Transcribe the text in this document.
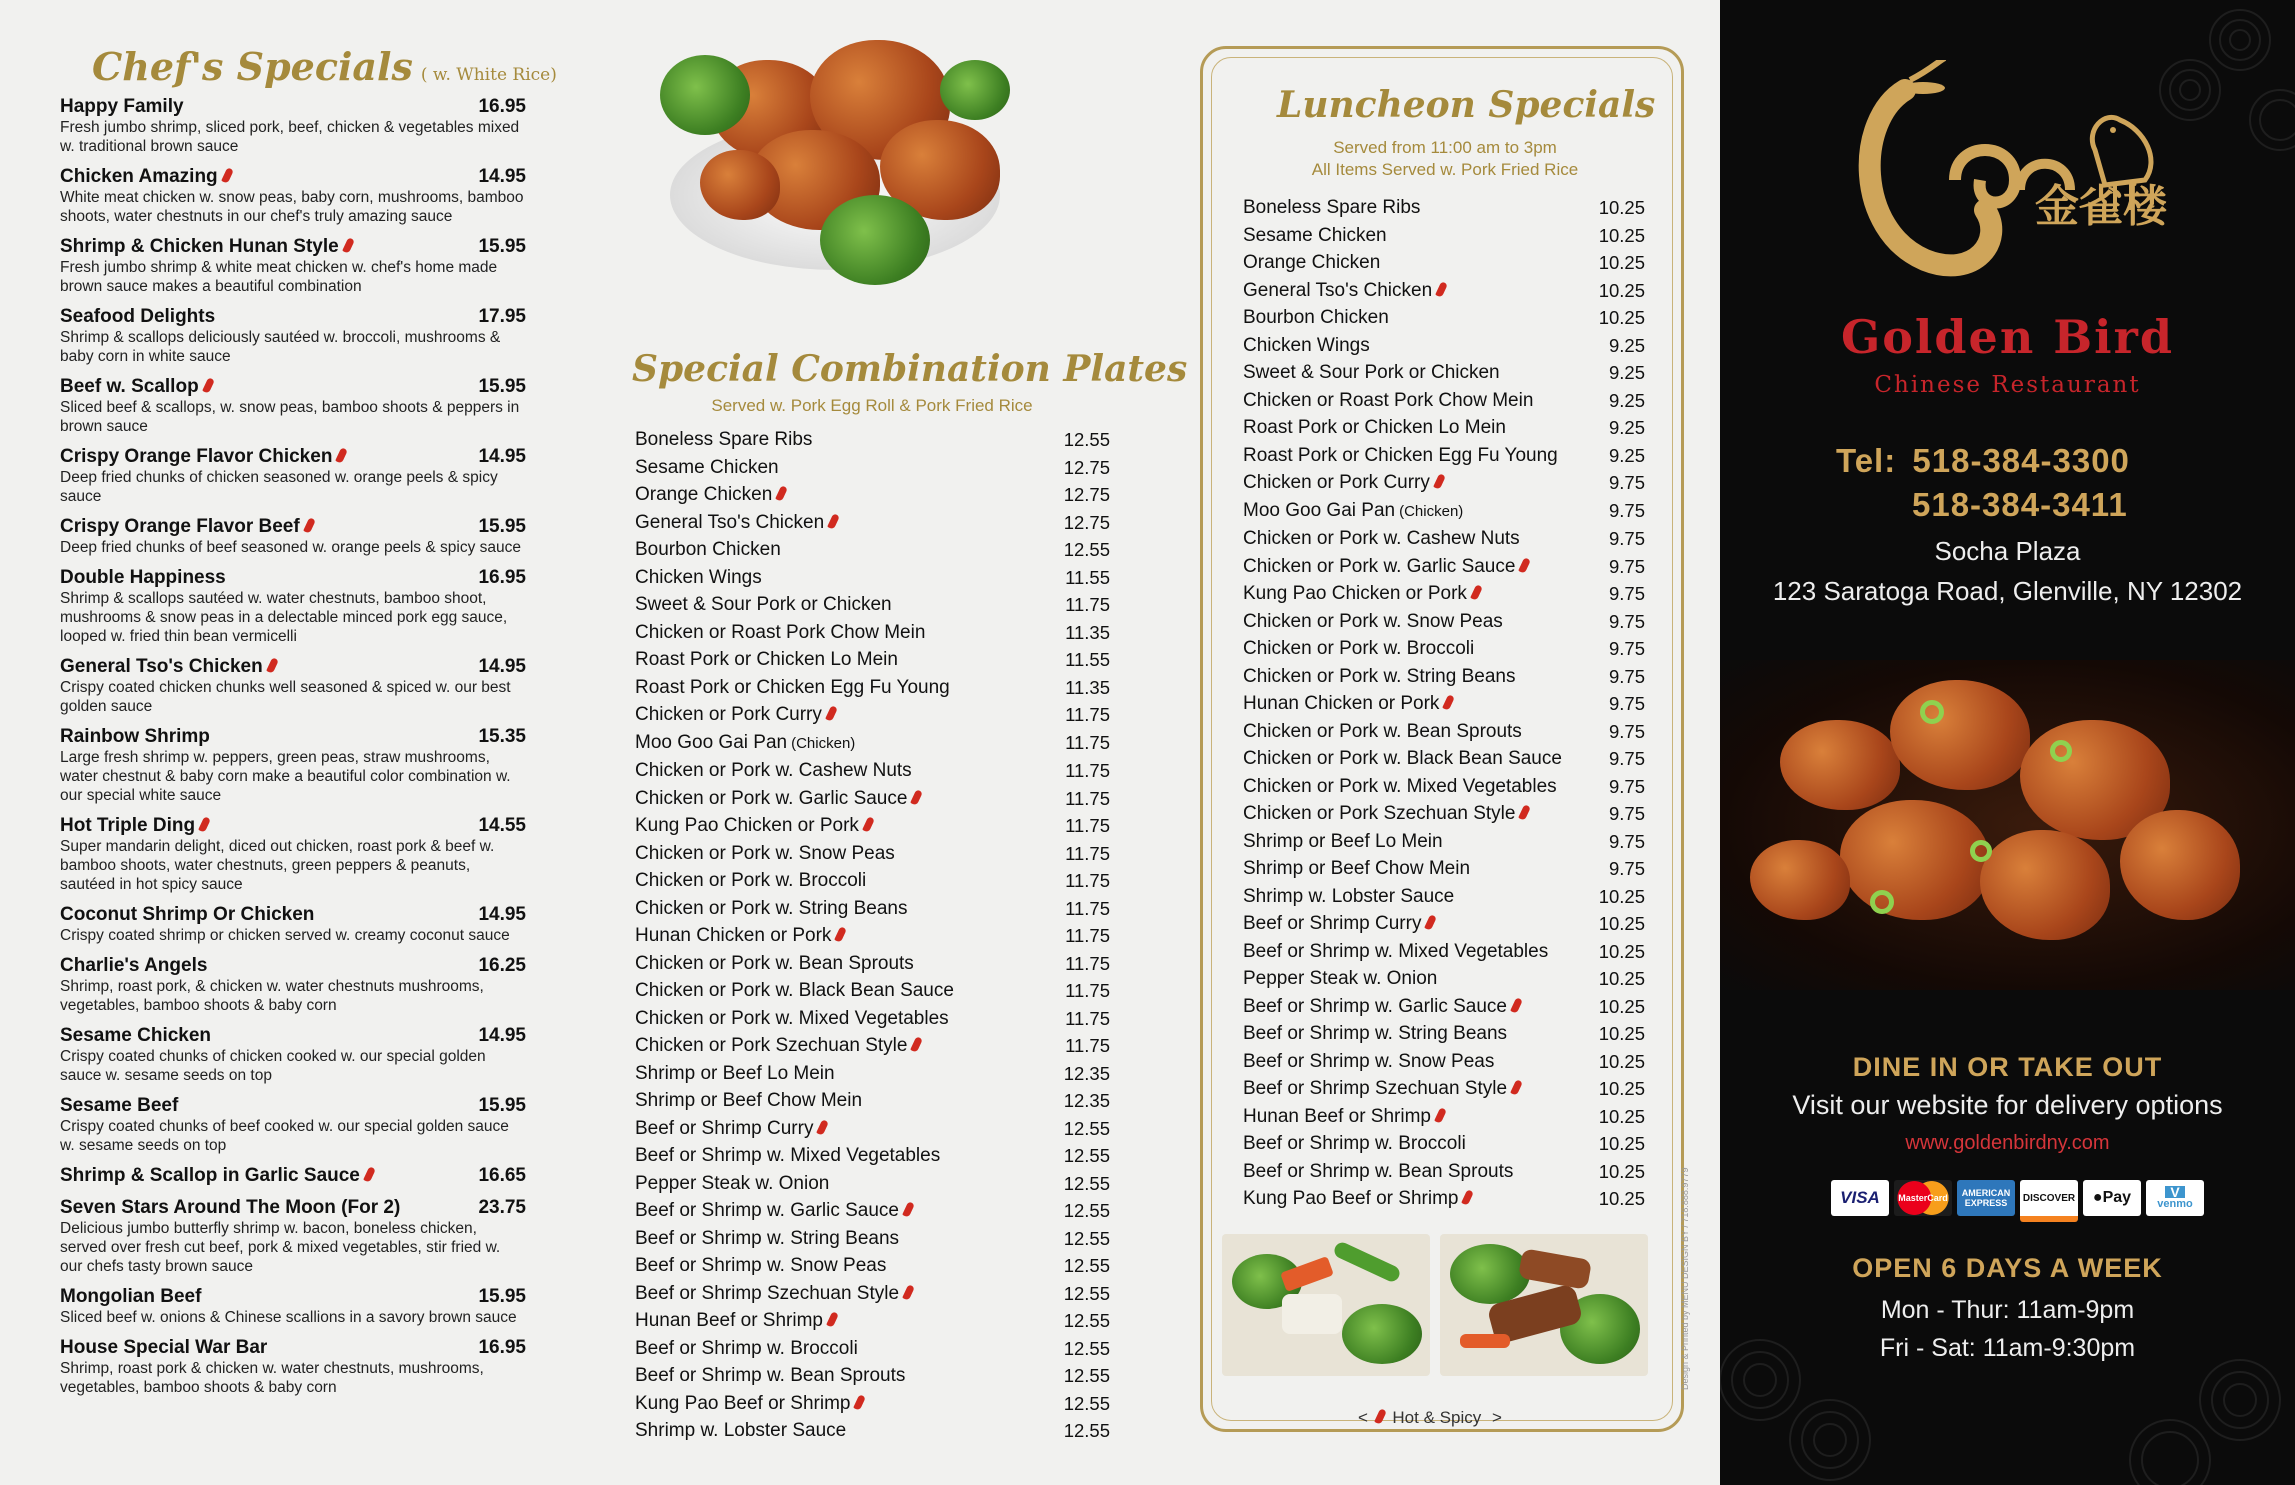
Chef's Specials ( w. White Rice)
Happy Family	16.95
Fresh jumbo shrimp, sliced pork, beef, chicken & vegetables mixed w. traditional brown sauce
Chicken Amazing	14.95
White meat chicken w. snow peas, baby corn, mushrooms, bamboo shoots, water chestnuts in our chef's truly amazing sauce
Shrimp & Chicken Hunan Style	15.95
Fresh jumbo shrimp & white meat chicken w. chef's home made brown sauce makes a beautiful combination
Seafood Delights	17.95
Shrimp & scallops deliciously sautéed w. broccoli, mushrooms & baby corn in white sauce
Beef w. Scallop	15.95
Sliced beef & scallops, w. snow peas, bamboo shoots & peppers in brown sauce
Crispy Orange Flavor Chicken	14.95
Deep fried chunks of chicken seasoned w. orange peels & spicy sauce
Crispy Orange Flavor Beef	15.95
Deep fried chunks of beef seasoned w. orange peels & spicy sauce
Double Happiness	16.95
Shrimp & scallops sautéed w. water chestnuts, bamboo shoot, mushrooms & snow peas in a delectable minced pork egg sauce, looped w. fried thin bean vermicelli
General Tso's Chicken	14.95
Crispy coated chicken chunks well seasoned & spiced w. our best golden sauce
Rainbow Shrimp	15.35
Large fresh shrimp w. peppers, green peas, straw mushrooms, water chestnut & baby corn make a beautiful color combination w. our special white sauce
Hot Triple Ding	14.55
Super mandarin delight, diced out chicken, roast pork & beef w. bamboo shoots, water chestnuts, green peppers & peanuts, sautéed in hot spicy sauce
Coconut Shrimp Or Chicken	14.95
Crispy coated shrimp or chicken served w. creamy coconut sauce
Charlie's Angels	16.25
Shrimp, roast pork, & chicken w. water chestnuts mushrooms, vegetables, bamboo shoots & baby corn
Sesame Chicken	14.95
Crispy coated chunks of chicken cooked w. our special golden sauce w. sesame seeds on top
Sesame Beef	15.95
Crispy coated chunks of beef cooked w. our special golden sauce w. sesame seeds on top
Shrimp & Scallop in Garlic Sauce	16.65
Seven Stars Around The Moon (For 2)	23.75
Delicious jumbo butterfly shrimp w. bacon, boneless chicken, served over fresh cut beef, pork & mixed vegetables, stir fried w. our chefs tasty brown sauce
Mongolian Beef	15.95
Sliced beef w. onions & Chinese scallions in a savory brown sauce
House Special War Bar	16.95
Shrimp, roast pork & chicken w. water chestnuts, mushrooms, vegetables, bamboo shoots & baby corn
Special Combination Plates
Served w. Pork Egg Roll & Pork Fried Rice
Boneless Spare Ribs	12.55
Sesame Chicken	12.75
Orange Chicken	12.75
General Tso's Chicken	12.75
Bourbon Chicken	12.55
Chicken Wings	11.55
Sweet & Sour Pork or Chicken	11.75
Chicken or Roast Pork Chow Mein	11.35
Roast Pork or Chicken Lo Mein	11.55
Roast Pork or Chicken Egg Fu Young	11.35
Chicken or Pork Curry	11.75
Moo Goo Gai Pan (Chicken)	11.75
Chicken or Pork w. Cashew Nuts	11.75
Chicken or Pork w. Garlic Sauce	11.75
Kung Pao Chicken or Pork	11.75
Chicken or Pork w. Snow Peas	11.75
Chicken or Pork w. Broccoli	11.75
Chicken or Pork w. String Beans	11.75
Hunan Chicken or Pork	11.75
Chicken or Pork w. Bean Sprouts	11.75
Chicken or Pork w. Black Bean Sauce	11.75
Chicken or Pork w. Mixed Vegetables	11.75
Chicken or Pork Szechuan Style	11.75
Shrimp or Beef Lo Mein	12.35
Shrimp or Beef Chow Mein	12.35
Beef or Shrimp Curry	12.55
Beef or Shrimp w. Mixed Vegetables	12.55
Pepper Steak w. Onion	12.55
Beef or Shrimp w. Garlic Sauce	12.55
Beef or Shrimp w. String Beans	12.55
Beef or Shrimp w. Snow Peas	12.55
Beef or Shrimp Szechuan Style	12.55
Hunan Beef or Shrimp	12.55
Beef or Shrimp w. Broccoli	12.55
Beef or Shrimp w. Bean Sprouts	12.55
Kung Pao Beef or Shrimp	12.55
Shrimp w. Lobster Sauce	12.55
Luncheon Specials
Served from 11:00 am to 3pm
All Items Served w. Pork Fried Rice
Boneless Spare Ribs	10.25
Sesame Chicken	10.25
Orange Chicken	10.25
General Tso's Chicken	10.25
Bourbon Chicken	10.25
Chicken Wings	9.25
Sweet & Sour Pork or Chicken	9.25
Chicken or Roast Pork Chow Mein	9.25
Roast Pork or Chicken Lo Mein	9.25
Roast Pork or Chicken Egg Fu Young	9.25
Chicken or Pork Curry	9.75
Moo Goo Gai Pan (Chicken)	9.75
Chicken or Pork w. Cashew Nuts	9.75
Chicken or Pork w. Garlic Sauce	9.75
Kung Pao Chicken or Pork	9.75
Chicken or Pork w. Snow Peas	9.75
Chicken or Pork w. Broccoli	9.75
Chicken or Pork w. String Beans	9.75
Hunan Chicken or Pork	9.75
Chicken or Pork w. Bean Sprouts	9.75
Chicken or Pork w. Black Bean Sauce	9.75
Chicken or Pork w. Mixed Vegetables	9.75
Chicken or Pork Szechuan Style	9.75
Shrimp or Beef Lo Mein	9.75
Shrimp or Beef Chow Mein	9.75
Shrimp w. Lobster Sauce	10.25
Beef or Shrimp Curry	10.25
Beef or Shrimp w. Mixed Vegetables	10.25
Pepper Steak w. Onion	10.25
Beef or Shrimp w. Garlic Sauce	10.25
Beef or Shrimp w. String Beans	10.25
Beef or Shrimp w. Snow Peas	10.25
Beef or Shrimp Szechuan Style	10.25
Hunan Beef or Shrimp	10.25
Beef or Shrimp w. Broccoli	10.25
Beef or Shrimp w. Bean Sprouts	10.25
Kung Pao Beef or Shrimp	10.25
< Hot & Spicy >
Design & Printed by MENU DESIGN BY / 718.888.9779
金雀楼
Golden Bird
Chinese Restaurant
Tel: 518-384-3300
518-384-3411
Socha Plaza
123 Saratoga Road, Glenville, NY 12302
DINE IN OR TAKE OUT
Visit our website for delivery options
www.goldenbirdny.com
VISA	MasterCard	AMERICAN EXPRESS	DISCOVER	● Pay	V
venmo
OPEN 6 DAYS A WEEK
Mon - Thur: 11am-9pm
Fri - Sat: 11am-9:30pm
